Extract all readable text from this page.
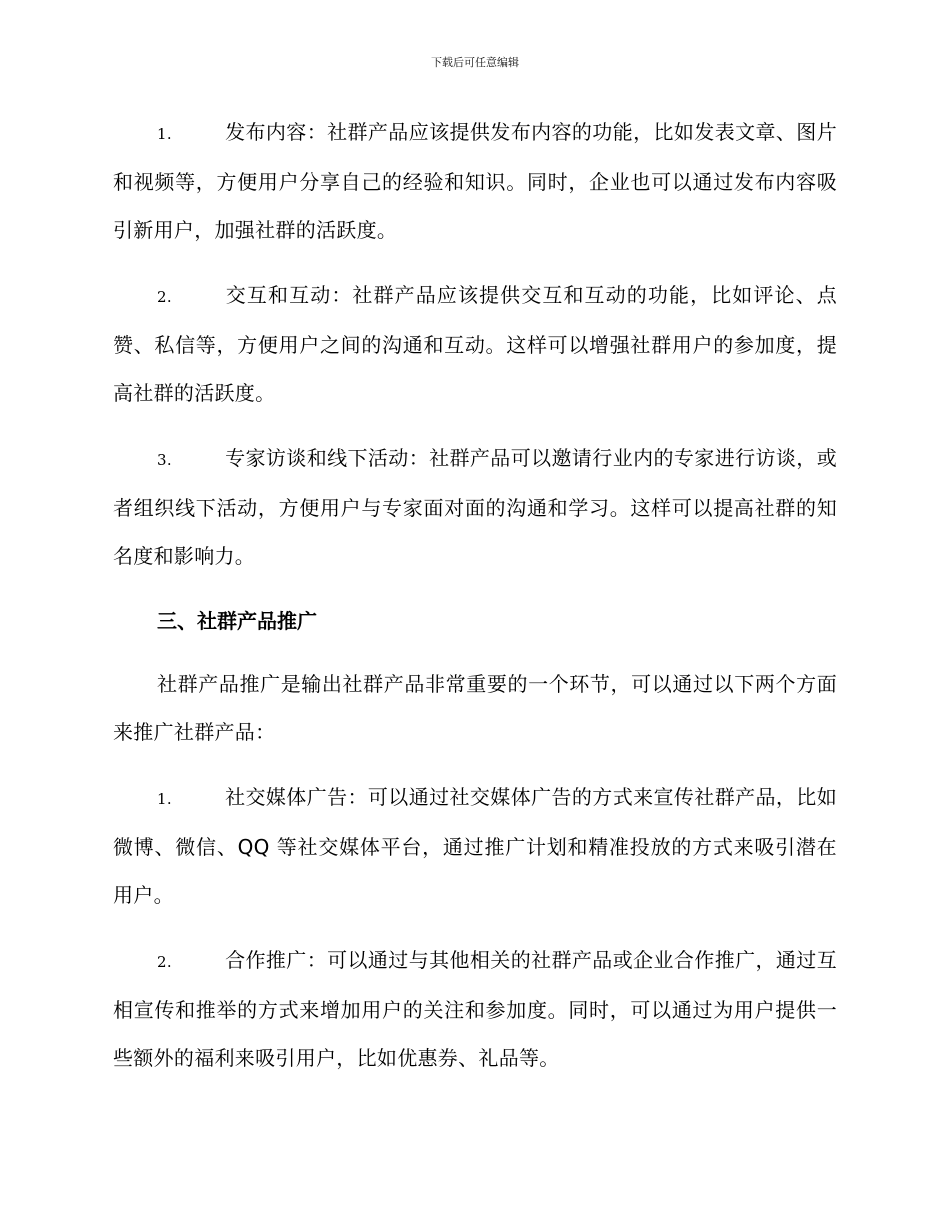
下载后可任意编辑

1.	发布内容：社群产品应该提供发布内容的功能，比如发表文章、图片和视频等，方便用户分享自己的经验和知识。同时，企业也可以通过发布内容吸引新用户，加强社群的活跃度。

2.	交互和互动：社群产品应该提供交互和互动的功能，比如评论、点赞、私信等，方便用户之间的沟通和互动。这样可以增强社群用户的参加度，提高社群的活跃度。

3.	专家访谈和线下活动：社群产品可以邀请行业内的专家进行访谈，或者组织线下活动，方便用户与专家面对面的沟通和学习。这样可以提高社群的知名度和影响力。

三、社群产品推广

社群产品推广是输出社群产品非常重要的一个环节，可以通过以下两个方面来推广社群产品：

1.	社交媒体广告：可以通过社交媒体广告的方式来宣传社群产品，比如微博、微信、QQ 等社交媒体平台，通过推广计划和精准投放的方式来吸引潜在用户。

2.	合作推广：可以通过与其他相关的社群产品或企业合作推广，通过互相宣传和推举的方式来增加用户的关注和参加度。同时，可以通过为用户提供一些额外的福利来吸引用户，比如优惠券、礼品等。
